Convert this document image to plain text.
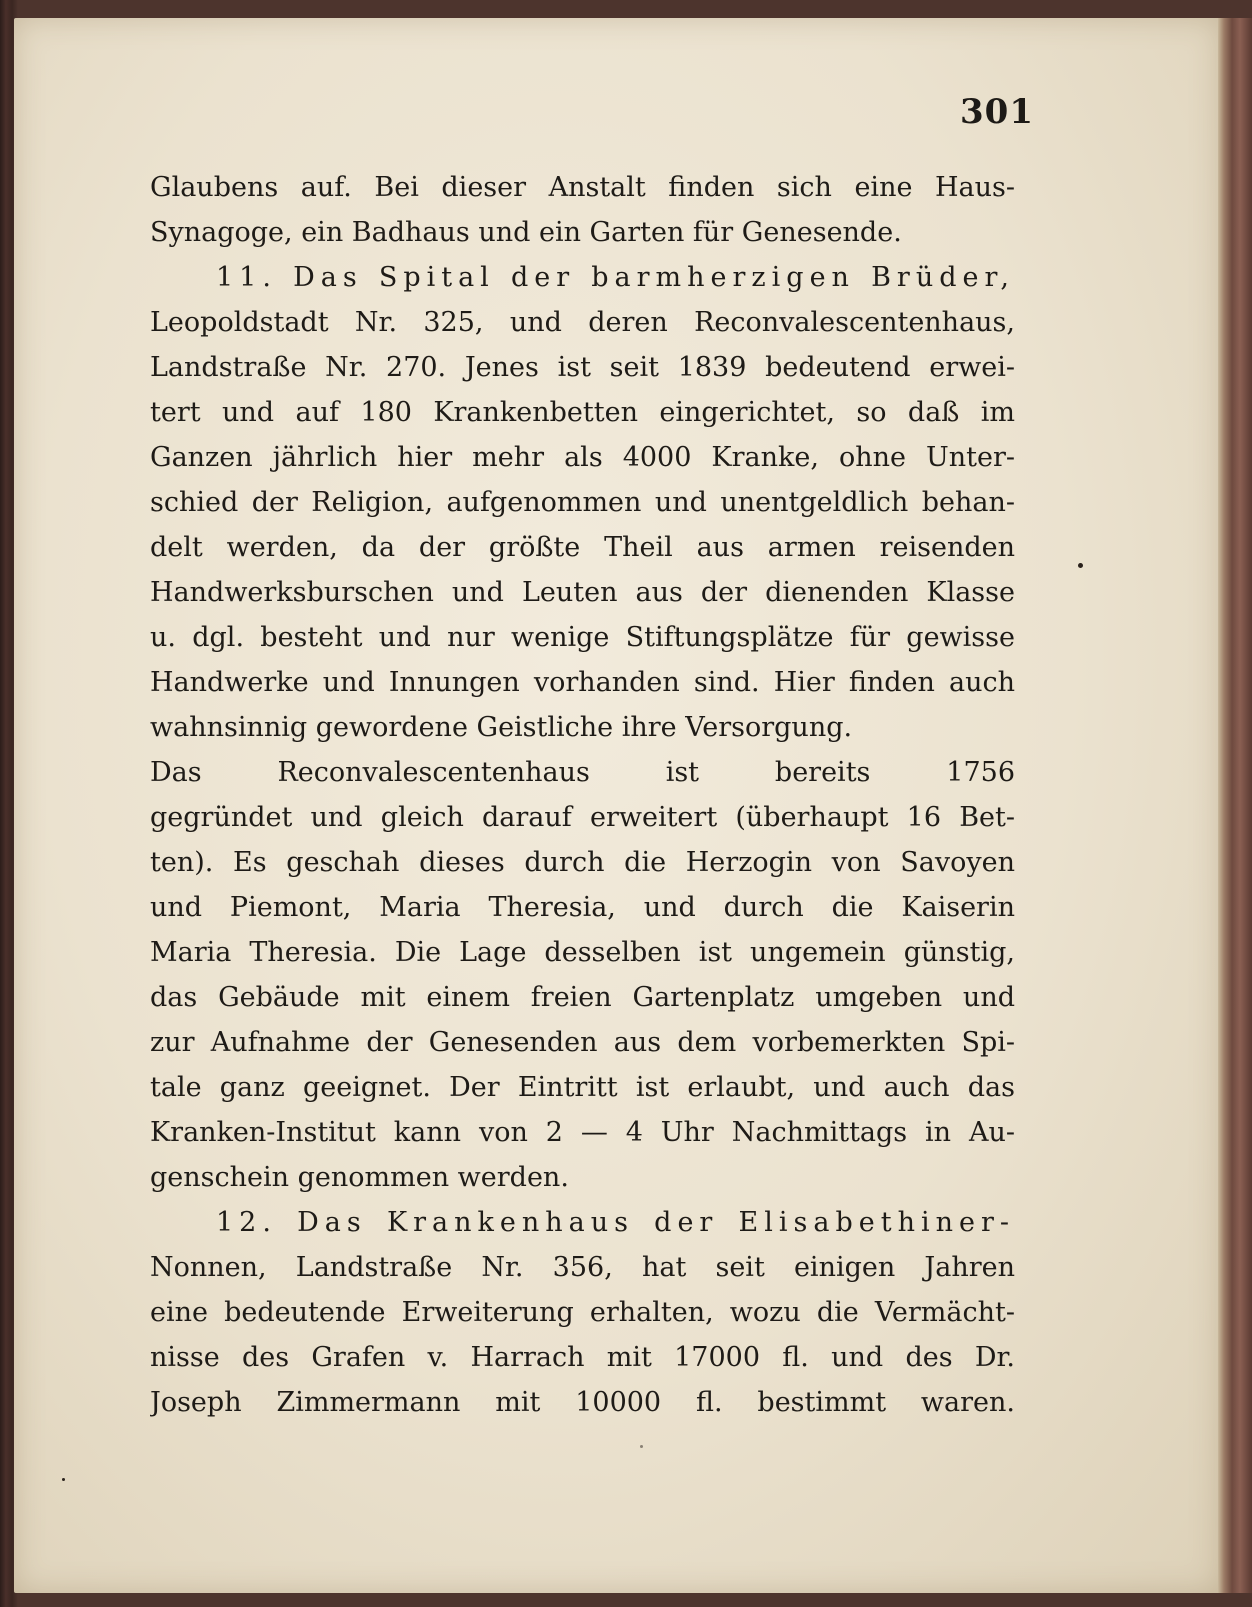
301
Glaubens auf. Bei dieser Anstalt finden sich eine Haus-
Synagoge, ein Badhaus und ein Garten für Genesende.
11. Das Spital der barmherzigen Brüder,
Leopoldstadt Nr. 325, und deren Reconvalescentenhaus,
Landstraße Nr. 270. Jenes ist seit 1839 bedeutend erwei-
tert und auf 180 Krankenbetten eingerichtet, so daß im
Ganzen jährlich hier mehr als 4000 Kranke, ohne Unter-
schied der Religion, aufgenommen und unentgeldlich behan-
delt werden, da der größte Theil aus armen reisenden
Handwerksburschen und Leuten aus der dienenden Klasse
u. dgl. besteht und nur wenige Stiftungsplätze für gewisse
Handwerke und Innungen vorhanden sind. Hier finden auch
wahnsinnig gewordene Geistliche ihre Versorgung.
Das Reconvalescentenhaus ist bereits 1756
gegründet und gleich darauf erweitert (überhaupt 16 Bet-
ten). Es geschah dieses durch die Herzogin von Savoyen
und Piemont, Maria Theresia, und durch die Kaiserin
Maria Theresia. Die Lage desselben ist ungemein günstig,
das Gebäude mit einem freien Gartenplatz umgeben und
zur Aufnahme der Genesenden aus dem vorbemerkten Spi-
tale ganz geeignet. Der Eintritt ist erlaubt, und auch das
Kranken-Institut kann von 2 — 4 Uhr Nachmittags in Au-
genschein genommen werden.
12. Das Krankenhaus der Elisabethiner-
Nonnen, Landstraße Nr. 356, hat seit einigen Jahren
eine bedeutende Erweiterung erhalten, wozu die Vermächt-
nisse des Grafen v. Harrach mit 17000 fl. und des Dr.
Joseph Zimmermann mit 10000 fl. bestimmt waren.
